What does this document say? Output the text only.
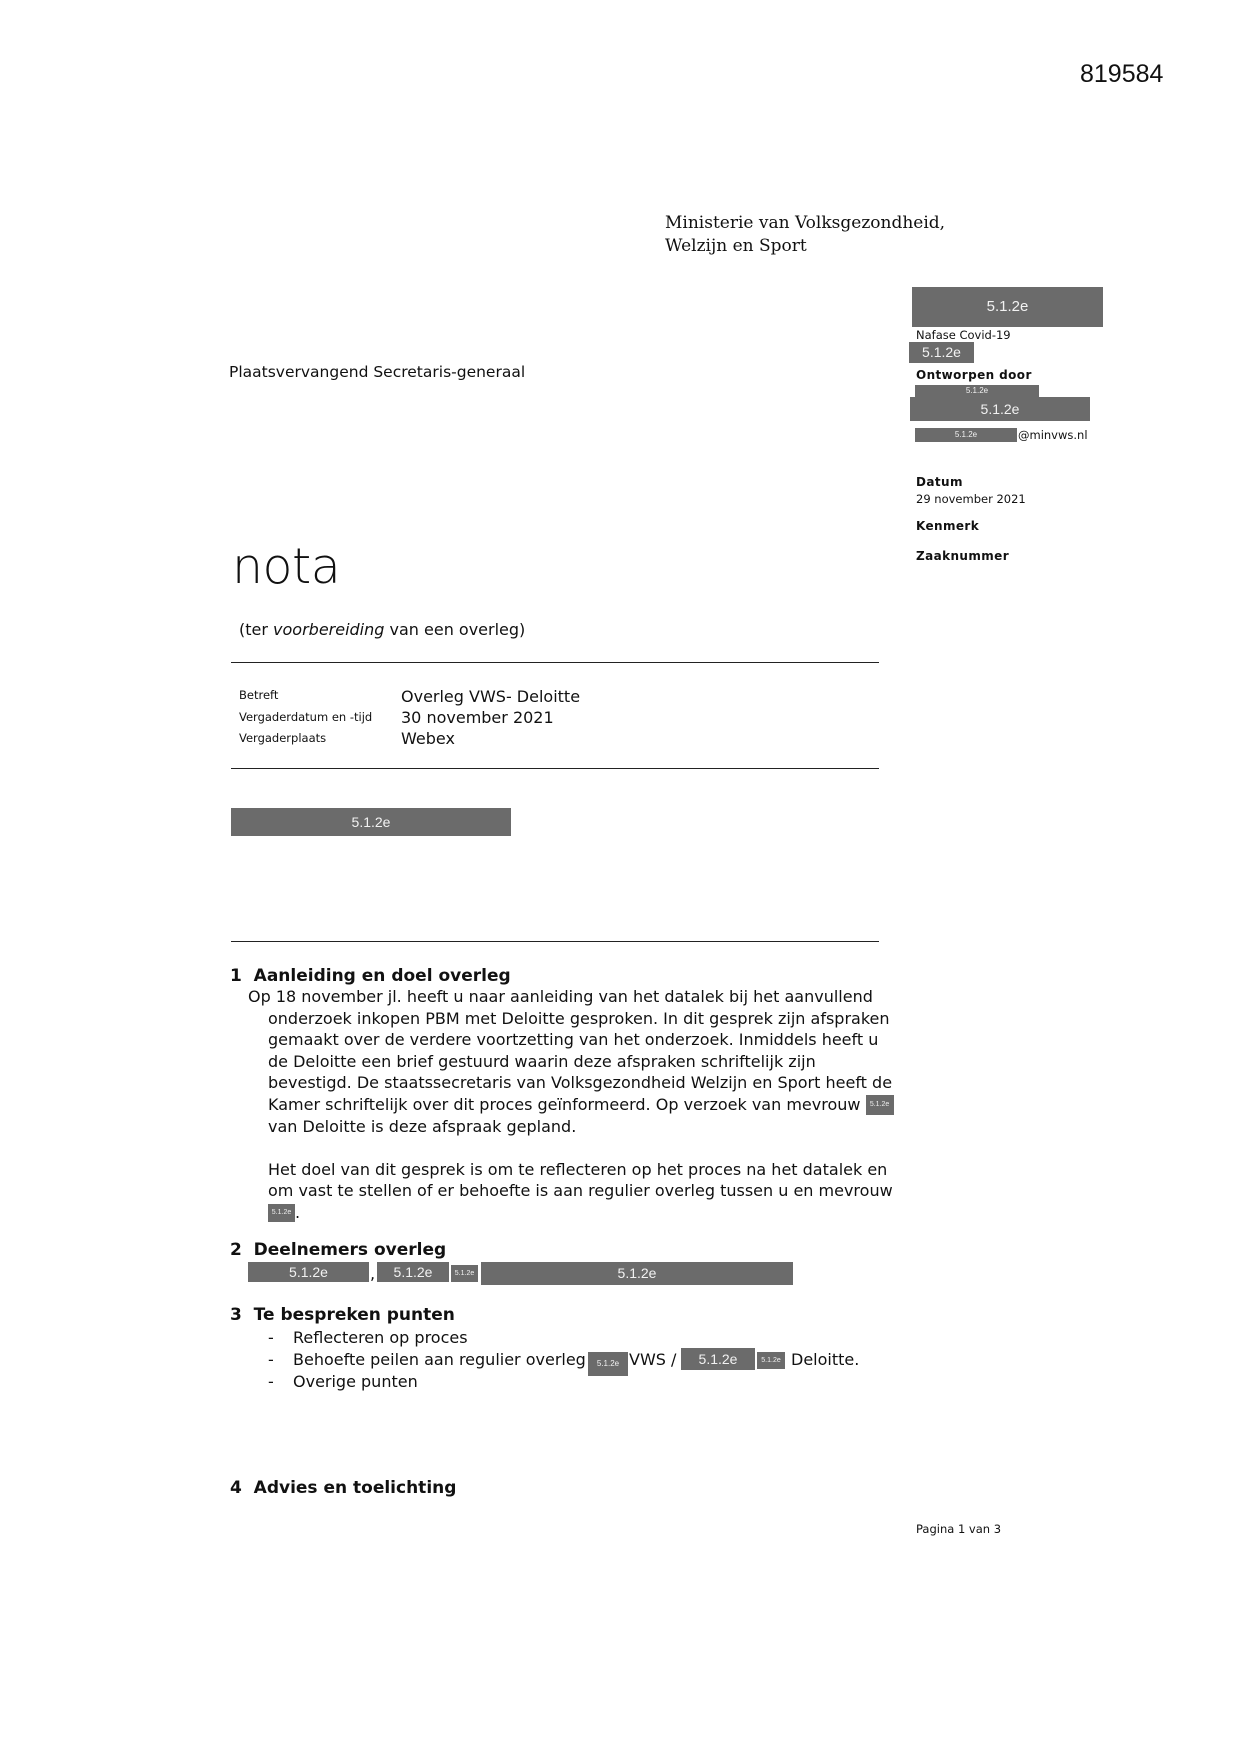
819584
Ministerie van Volksgezondheid,
Welzijn en Sport
5.1.2e
Nafase Covid-19
5.1.2e
Ontworpen door
5.1.2e
5.1.2e
5.1.2e	@minvws.nl
Datum
29 november 2021
Kenmerk
Zaaknummer
Plaatsvervangend Secretaris-generaal
nota
(ter voorbereiding van een overleg)
Betreft	Overleg VWS- Deloitte
Vergaderdatum en -tijd 30 november 2021
Vergaderplaats	Webex
5.1.2e
1  Aanleiding en doel overleg
Op 18 november jl. heeft u naar aanleiding van het datalek bij het aanvullend
onderzoek inkopen PBM met Deloitte gesproken. In dit gesprek zijn afspraken
gemaakt over de verdere voortzetting van het onderzoek. Inmiddels heeft u
de Deloitte een brief gestuurd waarin deze afspraken schriftelijk zijn
bevestigd. De staatssecretaris van Volksgezondheid Welzijn en Sport heeft de
Kamer schriftelijk over dit proces geïnformeerd. Op verzoek van mevrouw 5.1.2e
van Deloitte is deze afspraak gepland.
Het doel van dit gesprek is om te reflecteren op het proces na het datalek en
om vast te stellen of er behoefte is aan regulier overleg tussen u en mevrouw
5.1.2e .
2  Deelnemers overleg
5.1.2e	,	5.1.2e	5.1.2e	5.1.2e
3  Te bespreken punten
- Reflecteren op proces
- Behoefte peilen aan regulier overleg	5.1.2e VWS /	5.1.2e	5.1.2e Deloitte.
- Overige punten
4  Advies en toelichting
Pagina 1 van 3
